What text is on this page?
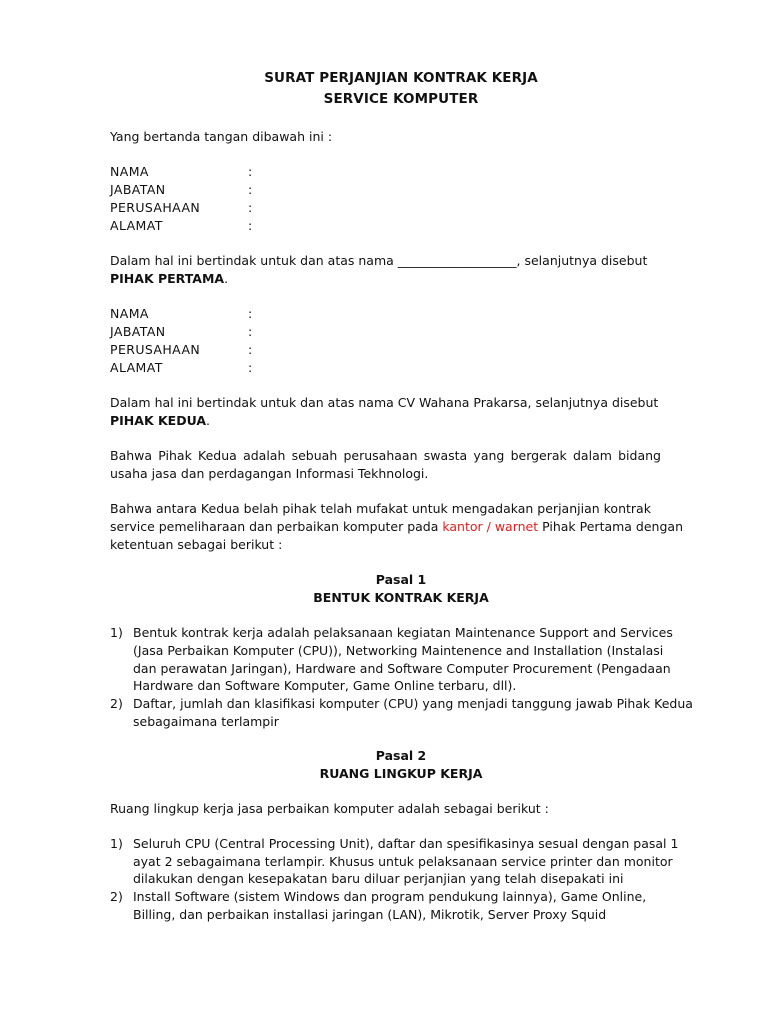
SURAT PERJANJIAN KONTRAK KERJA
SERVICE KOMPUTER
Yang bertanda tangan dibawah ini :
NAMA	:
JABATAN	:
PERUSAHAAN	:
ALAMAT	:
Dalam hal ini bertindak untuk dan atas nama ___________________, selanjutnya disebut
PIHAK PERTAMA.
NAMA	:
JABATAN	:
PERUSAHAAN	:
ALAMAT	:
Dalam hal ini bertindak untuk dan atas nama CV Wahana Prakarsa, selanjutnya disebut
PIHAK KEDUA.
Bahwa Pihak Kedua adalah sebuah perusahaan swasta yang bergerak dalam bidang
usaha jasa dan perdagangan Informasi Tekhnologi.
Bahwa antara Kedua belah pihak telah mufakat untuk mengadakan perjanjian kontrak
service pemeliharaan dan perbaikan komputer pada kantor / warnet Pihak Pertama dengan
ketentuan sebagai berikut :
Pasal 1
BENTUK KONTRAK KERJA
1) Bentuk kontrak kerja adalah pelaksanaan kegiatan Maintenance Support and Services
(Jasa Perbaikan Komputer (CPU)), Networking Maintenence and Installation (Instalasi
dan perawatan Jaringan), Hardware and Software Computer Procurement (Pengadaan
Hardware dan Software Komputer, Game Online terbaru, dll).
2) Daftar, jumlah dan klasifikasi komputer (CPU) yang menjadi tanggung jawab Pihak Kedua
sebagaimana terlampir
Pasal 2
RUANG LINGKUP KERJA
Ruang lingkup kerja jasa perbaikan komputer adalah sebagai berikut :
1) Seluruh CPU (Central Processing Unit), daftar dan spesifikasinya sesuaI dengan pasal 1
ayat 2 sebagaimana terlampir. Khusus untuk pelaksanaan service printer dan monitor
dilakukan dengan kesepakatan baru diluar perjanjian yang telah disepakati ini
2) Install Software (sistem Windows dan program pendukung lainnya), Game Online,
Billing, dan perbaikan installasi jaringan (LAN), Mikrotik, Server Proxy Squid
